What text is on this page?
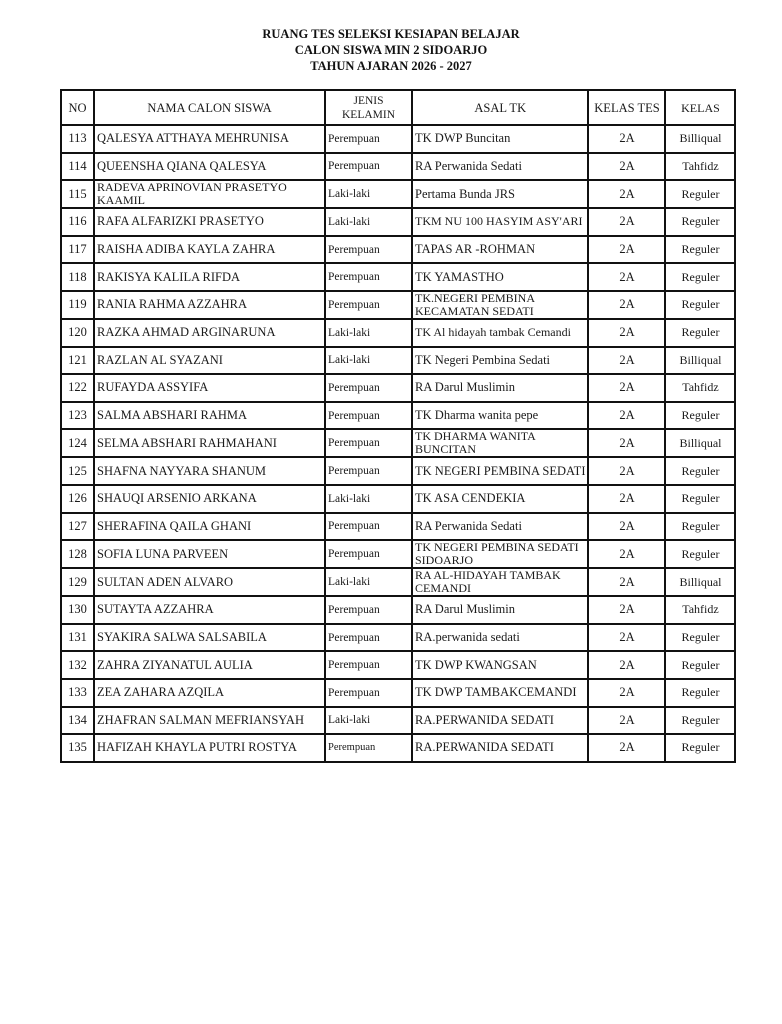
RUANG TES SELEKSI KESIAPAN BELAJAR
CALON SISWA MIN 2 SIDOARJO
TAHUN AJARAN 2026 - 2027
NO	NAMA CALON SISWA	JENIS KELAMIN	ASAL TK	KELAS TES	KELAS
113	QALESYA ATTHAYA MEHRUNISA	Perempuan	TK DWP Buncitan	2A	Billiqual
114	QUEENSHA QIANA QALESYA	Perempuan	RA Perwanida Sedati	2A	Tahfidz
115	RADEVA APRINOVIAN PRASETYO KAAMIL	Laki-laki	Pertama Bunda JRS	2A	Reguler
116	RAFA ALFARIZKI PRASETYO	Laki-laki	TKM NU 100 HASYIM ASY'ARI	2A	Reguler
117	RAISHA ADIBA KAYLA ZAHRA	Perempuan	TAPAS AR -ROHMAN	2A	Reguler
118	RAKISYA KALILA RIFDA	Perempuan	TK YAMASTHO	2A	Reguler
119	RANIA RAHMA AZZAHRA	Perempuan	TK.NEGERI PEMBINA KECAMATAN SEDATI	2A	Reguler
120	RAZKA AHMAD ARGINARUNA	Laki-laki	TK Al hidayah tambak Cemandi	2A	Reguler
121	RAZLAN AL SYAZANI	Laki-laki	TK Negeri Pembina Sedati	2A	Billiqual
122	RUFAYDA ASSYIFA	Perempuan	RA Darul Muslimin	2A	Tahfidz
123	SALMA ABSHARI RAHMA	Perempuan	TK Dharma wanita pepe	2A	Reguler
124	SELMA ABSHARI RAHMAHANI	Perempuan	TK DHARMA WANITA BUNCITAN	2A	Billiqual
125	SHAFNA NAYYARA SHANUM	Perempuan	TK NEGERI PEMBINA SEDATI	2A	Reguler
126	SHAUQI ARSENIO ARKANA	Laki-laki	TK ASA CENDEKIA	2A	Reguler
127	SHERAFINA QAILA GHANI	Perempuan	RA Perwanida Sedati	2A	Reguler
128	SOFIA LUNA PARVEEN	Perempuan	TK NEGERI PEMBINA SEDATI SIDOARJO	2A	Reguler
129	SULTAN ADEN ALVARO	Laki-laki	RA AL-HIDAYAH TAMBAK CEMANDI	2A	Billiqual
130	SUTAYTA AZZAHRA	Perempuan	RA Darul Muslimin	2A	Tahfidz
131	SYAKIRA SALWA SALSABILA	Perempuan	RA.perwanida sedati	2A	Reguler
132	ZAHRA ZIYANATUL AULIA	Perempuan	TK DWP KWANGSAN	2A	Reguler
133	ZEA ZAHARA AZQILA	Perempuan	TK DWP TAMBAKCEMANDI	2A	Reguler
134	ZHAFRAN SALMAN MEFRIANSYAH	Laki-laki	RA.PERWANIDA SEDATI	2A	Reguler
135	HAFIZAH KHAYLA PUTRI ROSTYA	Perempuan	RA.PERWANIDA SEDATI	2A	Reguler
